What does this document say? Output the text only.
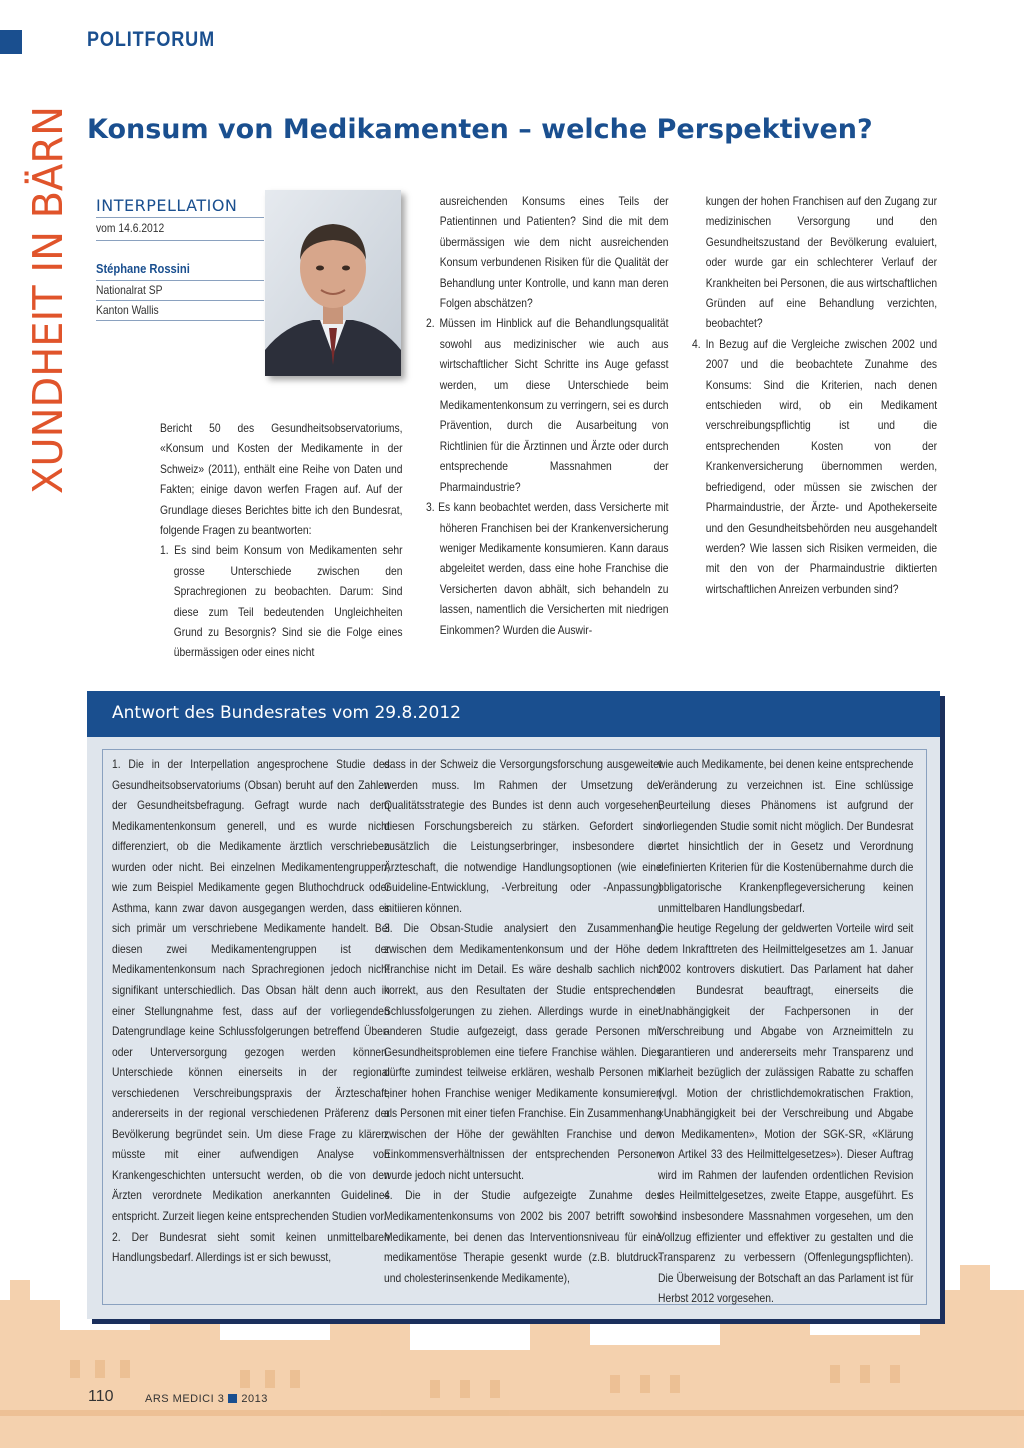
POLITFORUM
XUNDHEIT IN BÄRN Konsum von Medikamenten – welche Perspektiven?
INTERPELLATION
vom 14.6.2012
Stéphane Rossini
Nationalrat SP
Kanton Wallis

Bericht 50 des Gesundheitsobservatoriums, «Konsum und Kosten der Medikamente in der Schweiz» (2011), enthält eine Reihe von Daten und Fakten; einige davon werfen Fragen auf. Auf der Grundlage dieses Berichtes bitte ich den Bundesrat, folgende Fragen zu beantworten:

1. Es sind beim Konsum von Medikamenten sehr grosse Unterschiede zwischen den Sprachregionen zu beobachten. Darum: Sind diese zum Teil bedeutenden Ungleichheiten Grund zu Besorgnis? Sind sie die Folge eines übermässigen oder eines nicht

ausreichenden Konsums eines Teils der Patientinnen und Patienten? Sind die mit dem übermässigen wie dem nicht ausreichenden Konsum verbundenen Risiken für die Qualität der Behandlung unter Kontrolle, und kann man deren Folgen abschätzen?

2. Müssen im Hinblick auf die Behandlungsqualität sowohl aus medizinischer wie auch aus wirtschaftlicher Sicht Schritte ins Auge gefasst werden, um diese Unterschiede beim Medikamentenkonsum zu verringern, sei es durch Prävention, durch die Ausarbeitung von Richtlinien für die Ärztinnen und Ärzte oder durch entsprechende Massnahmen der Pharmaindustrie?

3. Es kann beobachtet werden, dass Versicherte mit höheren Franchisen bei der Krankenversicherung weniger Medikamente konsumieren. Kann daraus abgeleitet werden, dass eine hohe Franchise die Versicherten davon abhält, sich behandeln zu lassen, namentlich die Versicherten mit niedrigen Einkommen? Wurden die Auswir-

kungen der hohen Franchisen auf den Zugang zur medizinischen Versorgung und den Gesundheitszustand der Bevölkerung evaluiert, oder wurde gar ein schlechterer Verlauf der Krankheiten bei Personen, die aus wirtschaftlichen Gründen auf eine Behandlung verzichten, beobachtet?

4. In Bezug auf die Vergleiche zwischen 2002 und 2007 und die beobachtete Zunahme des Konsums: Sind die Kriterien, nach denen entschieden wird, ob ein Medikament verschreibungspflichtig ist und die entsprechenden Kosten von der Krankenversicherung übernommen werden, befriedigend, oder müssen sie zwischen der Pharmaindustrie, der Ärzte- und Apothekerseite und den Gesundheitsbehörden neu ausgehandelt werden? Wie lassen sich Risiken vermeiden, die mit den von der Pharmaindustrie diktierten wirtschaftlichen Anreizen verbunden sind?

Antwort des Bundesrates vom 29.8.2012

1. Die in der Interpellation angesprochene Studie des Gesundheitsobservatoriums (Obsan) beruht auf den Zahlen der Gesundheitsbefragung. Gefragt wurde nach dem Medikamentenkonsum generell, und es wurde nicht differenziert, ob die Medikamente ärztlich verschrieben wurden oder nicht. Bei einzelnen Medikamentengruppen, wie zum Beispiel Medikamente gegen Bluthochdruck oder Asthma, kann zwar davon ausgegangen werden, dass es sich primär um verschriebene Medikamente handelt. Bei diesen zwei Medikamentengruppen ist der Medikamentenkonsum nach Sprachregionen jedoch nicht signifikant unterschiedlich. Das Obsan hält denn auch in einer Stellungnahme fest, dass auf der vorliegenden Datengrundlage keine Schlussfolgerungen betreffend Über- oder Unterversorgung gezogen werden können. Unterschiede können einerseits in der regional verschiedenen Verschreibungspraxis der Ärzteschaft, andererseits in der regional verschiedenen Präferenz der Bevölkerung begründet sein. Um diese Frage zu klären, müsste mit einer aufwendigen Analyse von Krankengeschichten untersucht werden, ob die von den Ärzten verordnete Medikation anerkannten Guidelines entspricht. Zurzeit liegen keine entsprechenden Studien vor.

2. Der Bundesrat sieht somit keinen unmittelbaren Handlungsbedarf. Allerdings ist er sich bewusst,

dass in der Schweiz die Versorgungsforschung ausgeweitet werden muss. Im Rahmen der Umsetzung der Qualitätsstrategie des Bundes ist denn auch vorgesehen, diesen Forschungsbereich zu stärken. Gefordert sind zusätzlich die Leistungserbringer, insbesondere die Ärzteschaft, die notwendige Handlungsoptionen (wie eine Guideline-Entwicklung, -Verbreitung oder -Anpassung) initiieren können.

3. Die Obsan-Studie analysiert den Zusammenhang zwischen dem Medikamentenkonsum und der Höhe der Franchise nicht im Detail. Es wäre deshalb sachlich nicht korrekt, aus den Resultaten der Studie entsprechende Schlussfolgerungen zu ziehen. Allerdings wurde in einer anderen Studie aufgezeigt, dass gerade Personen mit Gesundheitsproblemen eine tiefere Franchise wählen. Dies dürfte zumindest teilweise erklären, weshalb Personen mit einer hohen Franchise weniger Medikamente konsumieren als Personen mit einer tiefen Franchise. Ein Zusammenhang zwischen der Höhe der gewählten Franchise und den Einkommensverhältnissen der entsprechenden Personen wurde jedoch nicht untersucht.

4. Die in der Studie aufgezeigte Zunahme des Medikamentenkonsums von 2002 bis 2007 betrifft sowohl Medikamente, bei denen das Interventionsniveau für eine medikamentöse Therapie gesenkt wurde (z.B. blutdruck- und cholesterinsenkende Medikamente),

wie auch Medikamente, bei denen keine entsprechende Veränderung zu verzeichnen ist. Eine schlüssige Beurteilung dieses Phänomens ist aufgrund der vorliegenden Studie somit nicht möglich. Der Bundesrat ortet hinsichtlich der in Gesetz und Verordnung definierten Kriterien für die Kostenübernahme durch die obligatorische Krankenpflegeversicherung keinen unmittelbaren Handlungsbedarf.

Die heutige Regelung der geldwerten Vorteile wird seit dem Inkrafttreten des Heilmittelgesetzes am 1. Januar 2002 kontrovers diskutiert. Das Parlament hat daher den Bundesrat beauftragt, einerseits die Unabhängigkeit der Fachpersonen in der Verschreibung und Abgabe von Arzneimitteln zu garantieren und andererseits mehr Transparenz und Klarheit bezüglich der zulässigen Rabatte zu schaffen (vgl. Motion der christlichdemokratischen Fraktion, «Unabhängigkeit bei der Verschreibung und Abgabe von Medikamenten», Motion der SGK-SR, «Klärung von Artikel 33 des Heilmittelgesetzes»). Dieser Auftrag wird im Rahmen der laufenden ordentlichen Revision des Heilmittelgesetzes, zweite Etappe, ausgeführt. Es sind insbesondere Massnahmen vorgesehen, um den Vollzug effizienter und effektiver zu gestalten und die Transparenz zu verbessern (Offenlegungspflichten). Die Überweisung der Botschaft an das Parlament ist für Herbst 2012 vorgesehen.

110	ARS MEDICI 3 2013
